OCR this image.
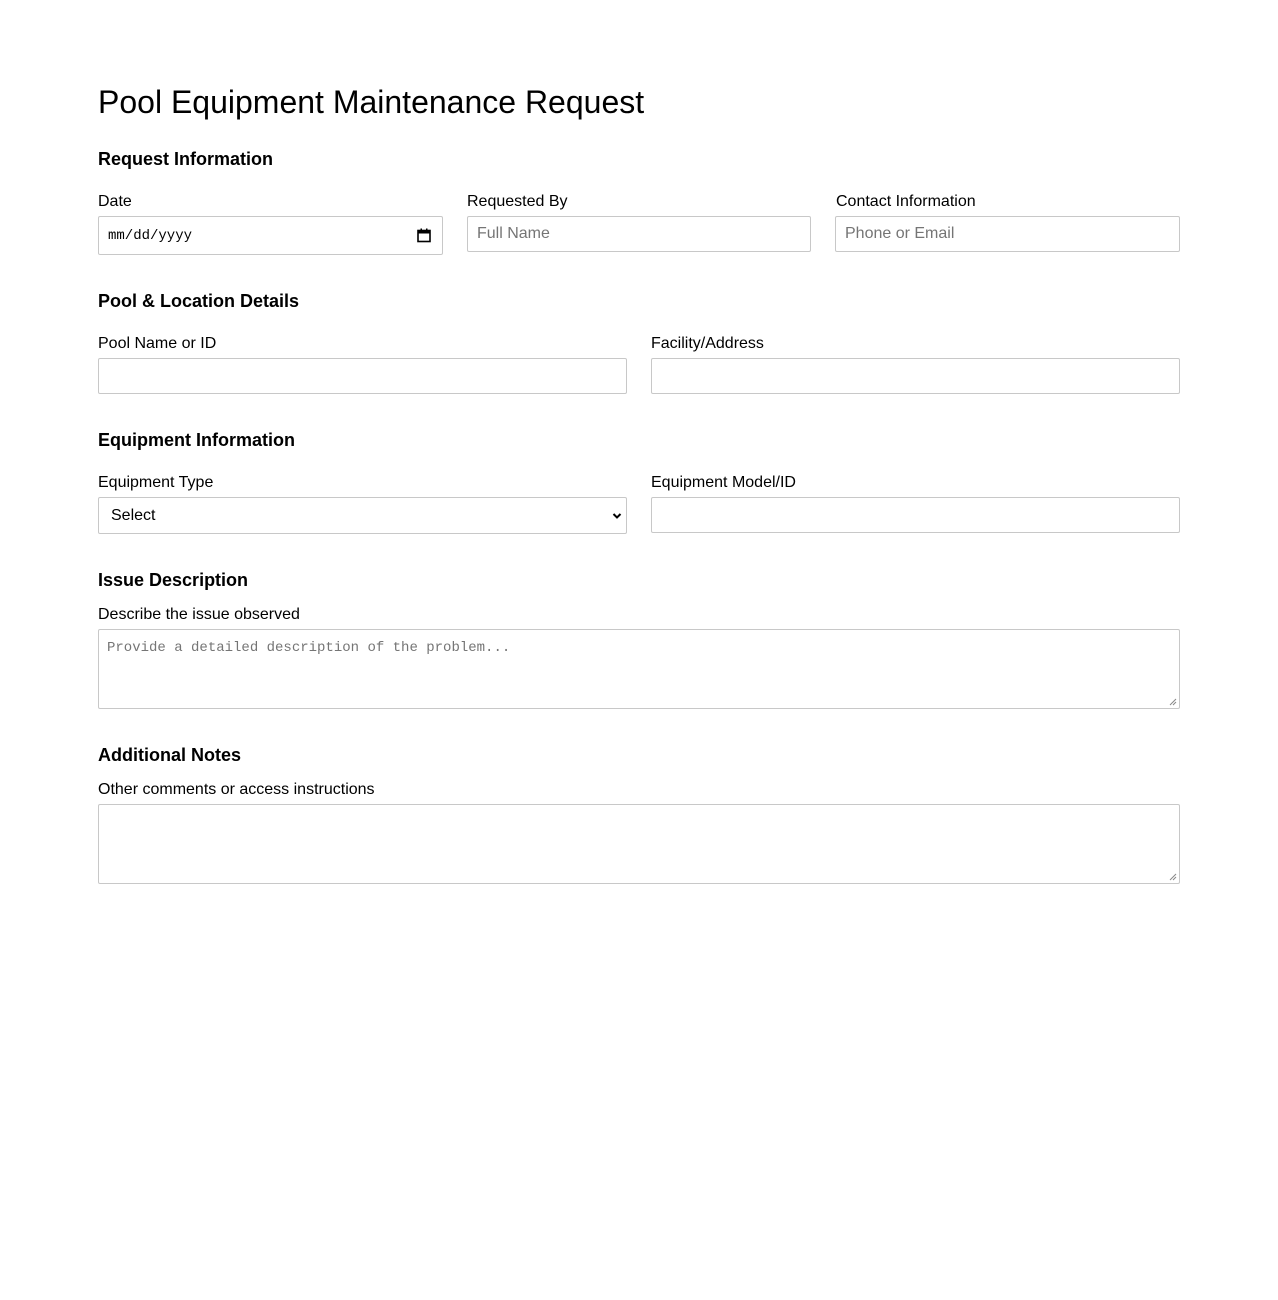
Pool Equipment Maintenance Request
Request Information
Date
mm/dd/yyyy
Requested By
Full Name
Contact Information
Phone or Email
Pool & Location Details
Pool Name or ID	Facility/Address
Equipment Information
Equipment Type
Select
Equipment Model/ID
Issue Description
Describe the issue observed
Provide a detailed description of the problem...
Additional Notes
Other comments or access instructions
